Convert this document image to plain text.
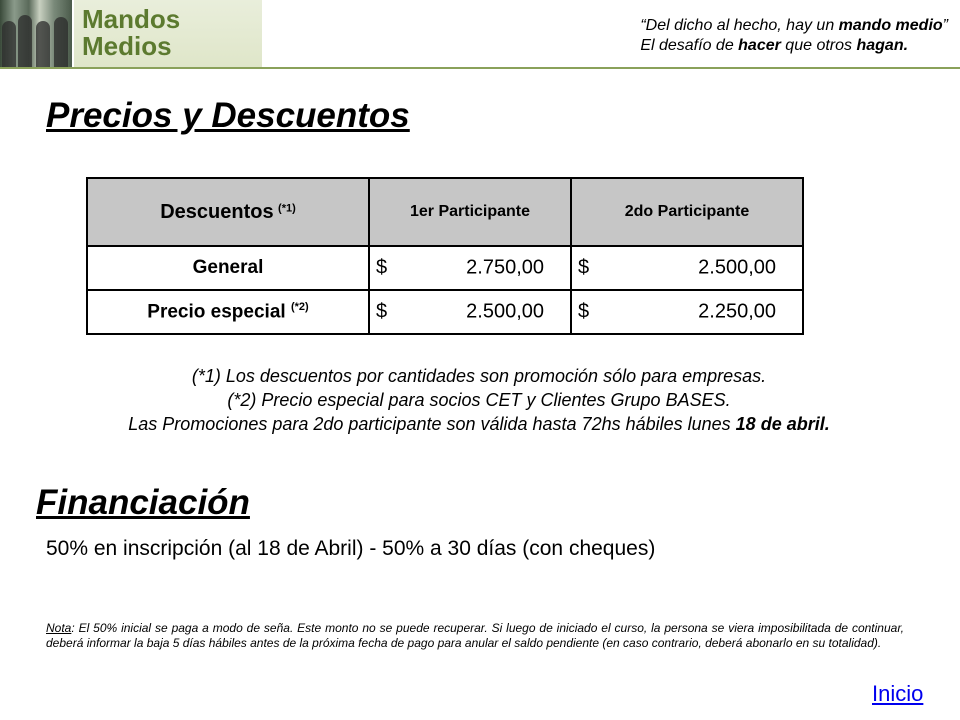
Mandos
Medios
“Del dicho al hecho, hay un mando medio”
El desafío de hacer que otros hagan.
Precios y Descuentos
Descuentos $^{(*1)}$	1er Participante	2do Participante
General	$ 2.750,00	$ 2.500,00

Precio especial $^{(*2)}$	$ 2.500,00	$ 2.250,00
(*1) Los descuentos por cantidades son promoción sólo para empresas.
(*2) Precio especial para socios CET y Clientes Grupo BASES.
Las Promociones para 2do participante son válida hasta 72hs hábiles lunes 18 de abril.
Financiación
50% en inscripción (al 18 de Abril) - 50% a 30 días (con cheques)
Nota: El 50% inicial se paga a modo de seña. Este monto no se puede recuperar. Si luego de iniciado el curso, la persona se viera imposibilitada de continuar, deberá informar la baja 5 días hábiles antes de la próxima fecha de pago para anular el saldo pendiente (en caso contrario, deberá abonarlo en su totalidad).
Inicio
